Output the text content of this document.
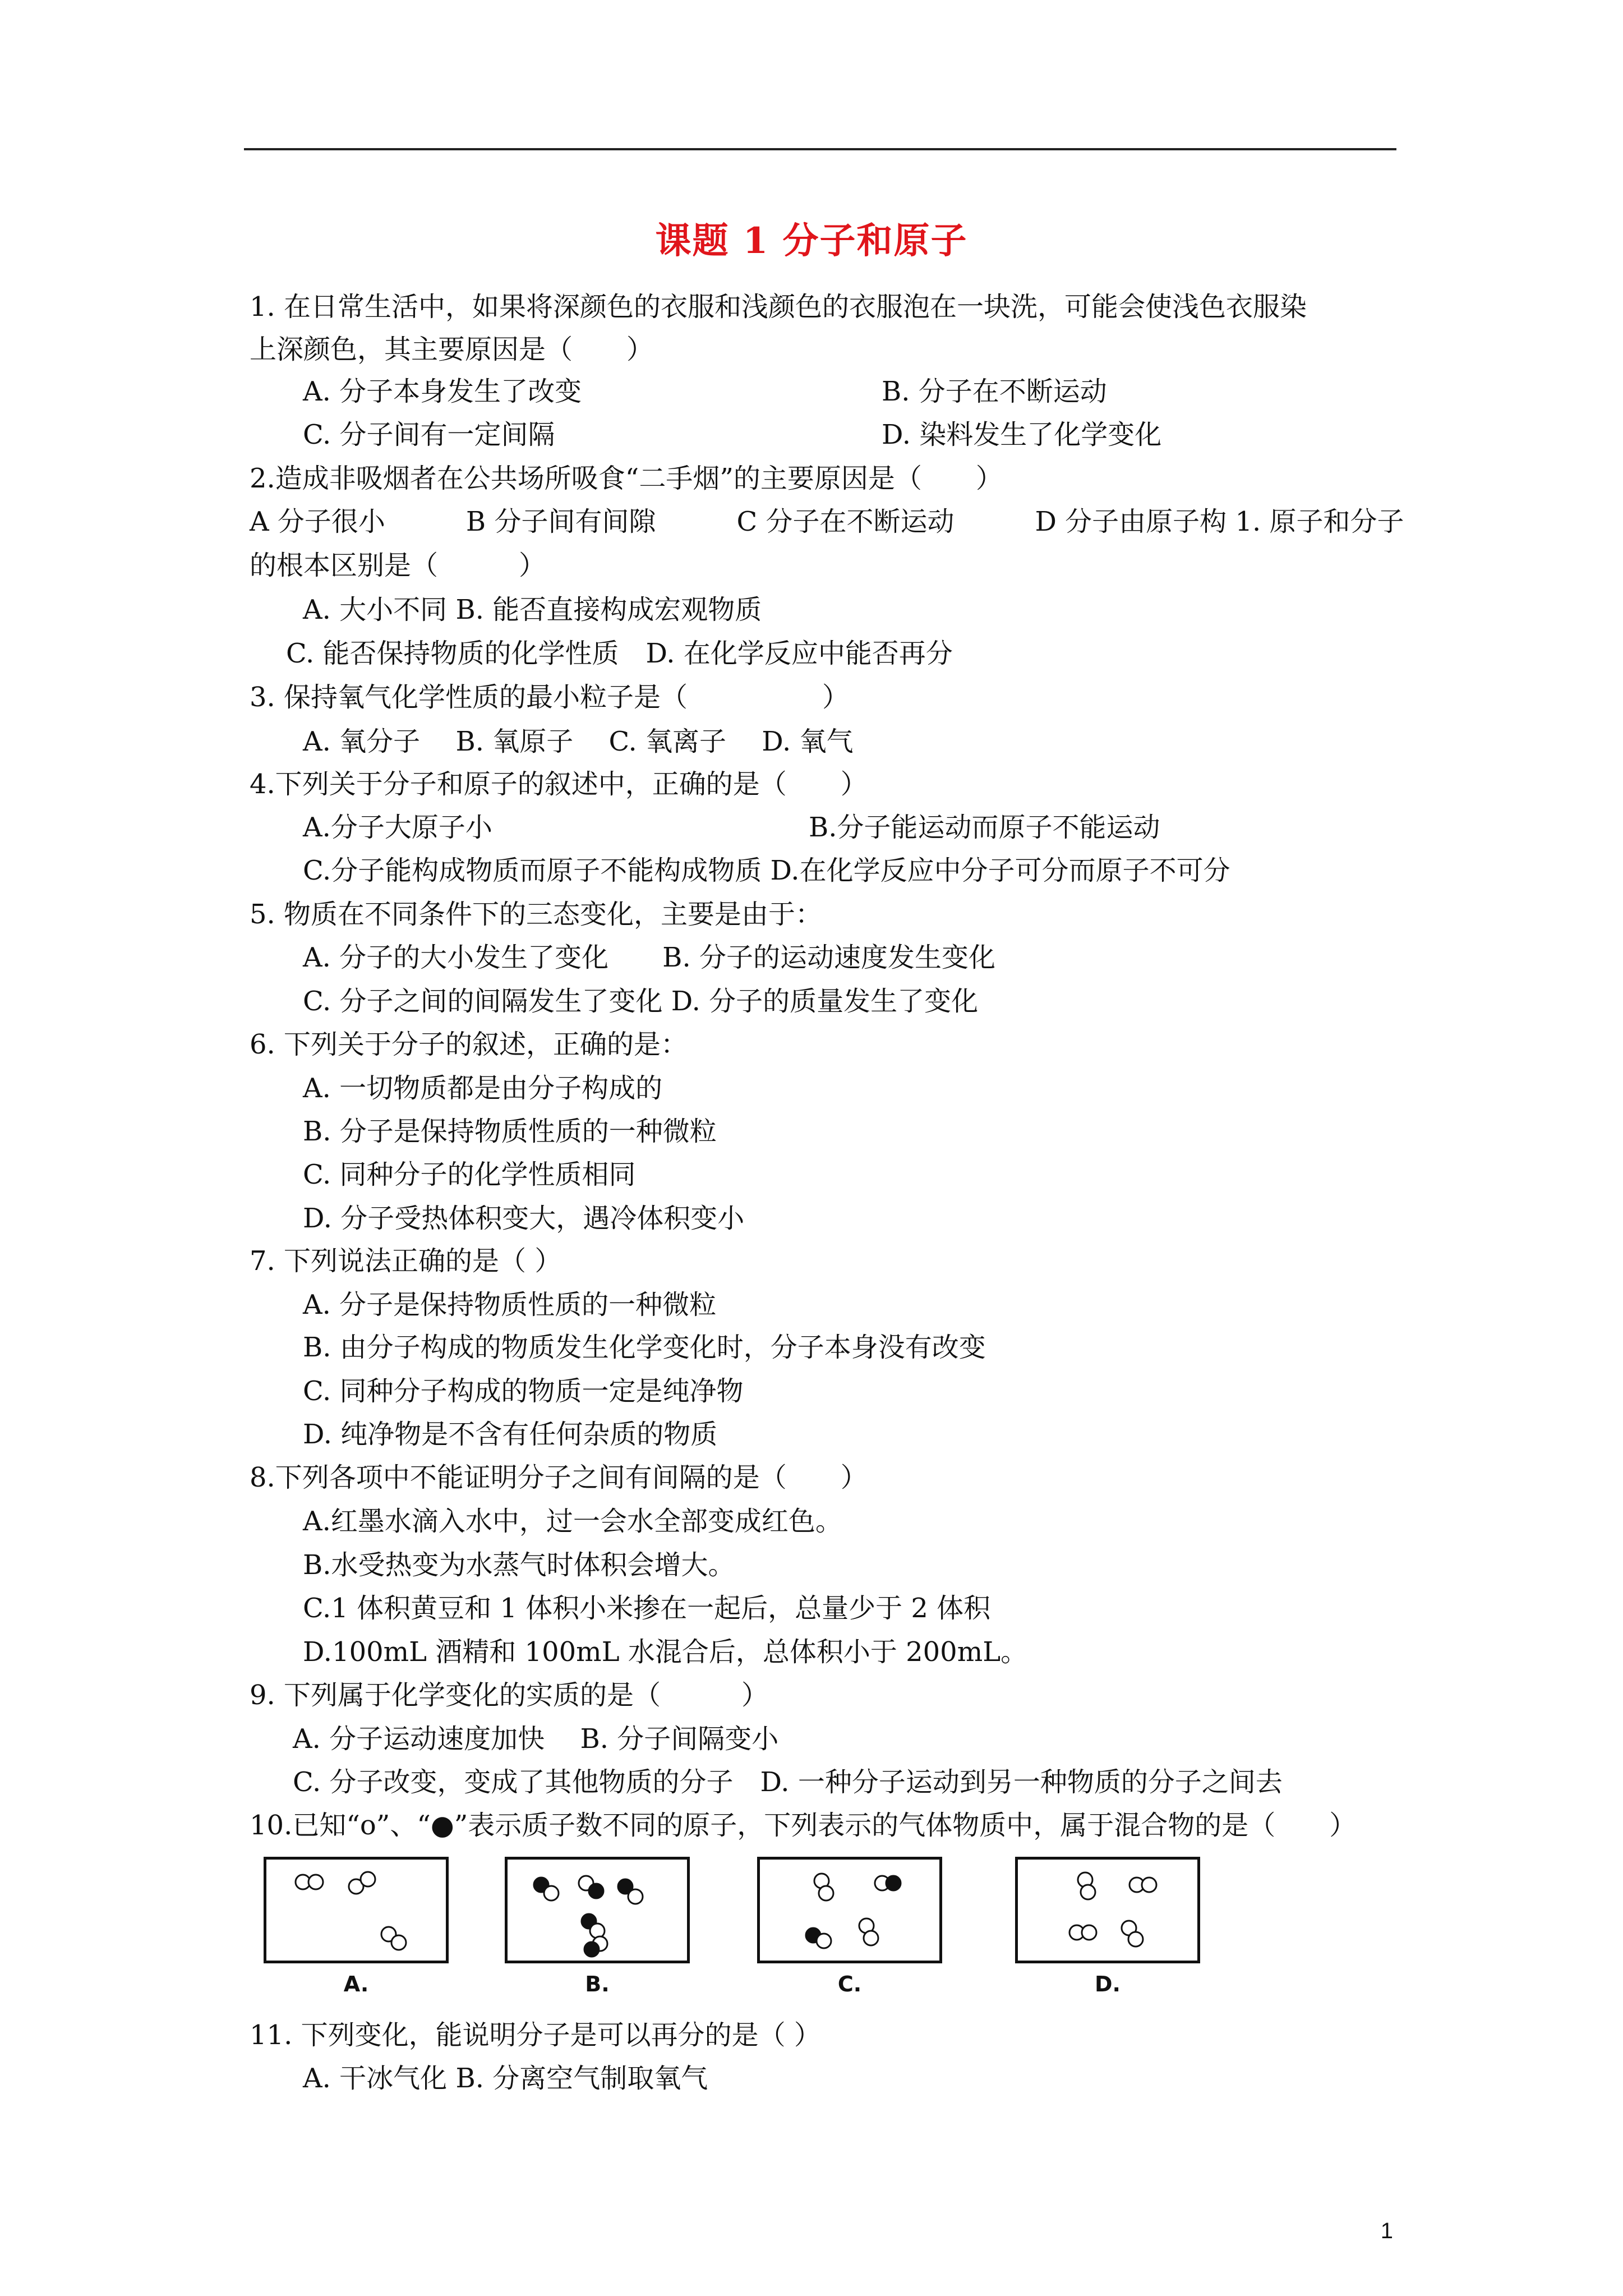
课题 1 分子和原子
1. 在日常生活中，如果将深颜色的衣服和浅颜色的衣服泡在一块洗，可能会使浅色衣服染
上深颜色，其主要原因是（　　）
A. 分子本身发生了改变	B. 分子在不断运动
C. 分子间有一定间隔	D. 染料发生了化学变化
2.造成非吸烟者在公共场所吸食“二手烟”的主要原因是（　　）
A 分子很小　　　B 分子间有间隙　　　C 分子在不断运动　　　D 分子由原子构 1. 原子和分子
的根本区别是（　　　）
A. 大小不同 B. 能否直接构成宏观物质
C. 能否保持物质的化学性质　D. 在化学反应中能否再分
3. 保持氧气化学性质的最小粒子是（　　　　　）
A. 氧分子　 B. 氧原子　 C. 氧离子　 D. 氧气
4.下列关于分子和原子的叙述中，正确的是（　　）
A.分子大原子小	B.分子能运动而原子不能运动
C.分子能构成物质而原子不能构成物质 D.在化学反应中分子可分而原子不可分
5. 物质在不同条件下的三态变化，主要是由于：
A. 分子的大小发生了变化　　B. 分子的运动速度发生变化
C. 分子之间的间隔发生了变化 D. 分子的质量发生了变化
6. 下列关于分子的叙述，正确的是：
A. 一切物质都是由分子构成的
B. 分子是保持物质性质的一种微粒
C. 同种分子的化学性质相同
D. 分子受热体积变大，遇冷体积变小
7. 下列说法正确的是（ ）
A. 分子是保持物质性质的一种微粒
B. 由分子构成的物质发生化学变化时，分子本身没有改变
C. 同种分子构成的物质一定是纯净物
D. 纯净物是不含有任何杂质的物质
8.下列各项中不能证明分子之间有间隔的是（　　）
A.红墨水滴入水中，过一会水全部变成红色。
B.水受热变为水蒸气时体积会增大。
C.1 体积黄豆和 1 体积小米掺在一起后，总量少于 2 体积
D.100mL 酒精和 100mL 水混合后，总体积小于 200mL。
9. 下列属于化学变化的实质的是（　　　）
A. 分子运动速度加快　 B. 分子间隔变小
C. 分子改变，变成了其他物质的分子　D. 一种分子运动到另一种物质的分子之间去
10.已知“o”、“●”表示质子数不同的原子，下列表示的气体物质中，属于混合物的是（　　）
A.	B.	C.	D.
11. 下列变化，能说明分子是可以再分的是（ ）
A. 干冰气化 B. 分离空气制取氧气
1
